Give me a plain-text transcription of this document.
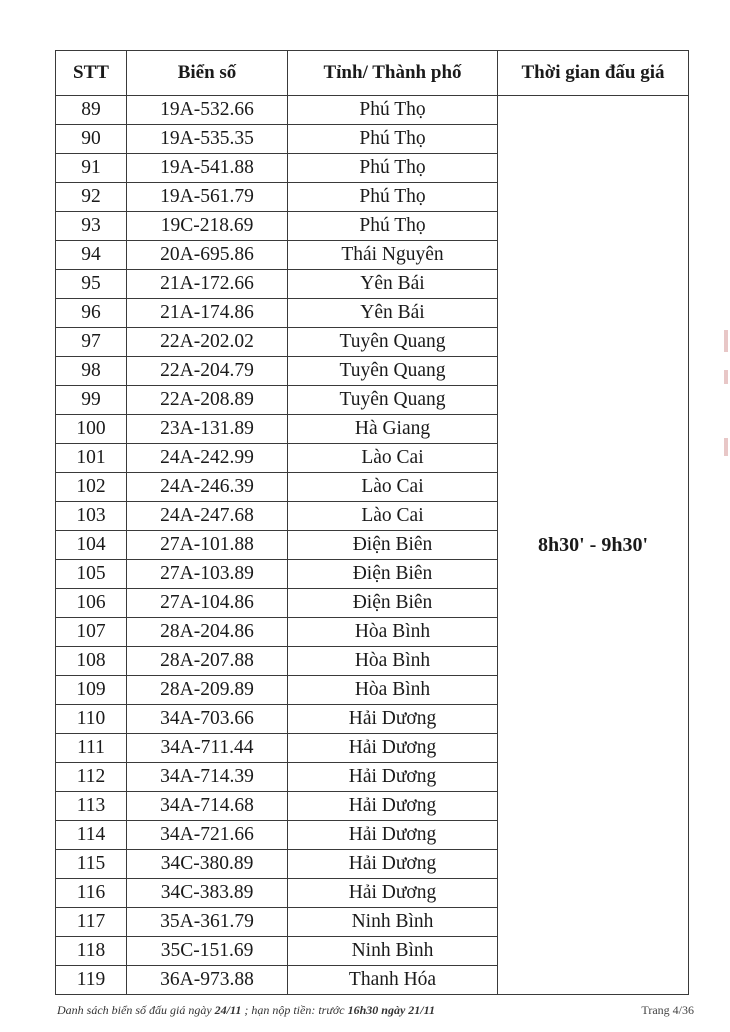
STT	Biển số	Tỉnh/ Thành phố	Thời gian đấu giá
89	19A-532.66	Phú Thọ	8h30' - 9h30'
90	19A-535.35	Phú Thọ	
91	19A-541.88	Phú Thọ	
92	19A-561.79	Phú Thọ	
93	19C-218.69	Phú Thọ	
94	20A-695.86	Thái Nguyên	
95	21A-172.66	Yên Bái	
96	21A-174.86	Yên Bái	
97	22A-202.02	Tuyên Quang	
98	22A-204.79	Tuyên Quang	
99	22A-208.89	Tuyên Quang	
100	23A-131.89	Hà Giang	
101	24A-242.99	Lào Cai	
102	24A-246.39	Lào Cai	
103	24A-247.68	Lào Cai	
104	27A-101.88	Điện Biên	
105	27A-103.89	Điện Biên	
106	27A-104.86	Điện Biên	
107	28A-204.86	Hòa Bình	
108	28A-207.88	Hòa Bình	
109	28A-209.89	Hòa Bình	
110	34A-703.66	Hải Dương	
111	34A-711.44	Hải Dương	
112	34A-714.39	Hải Dương	
113	34A-714.68	Hải Dương	
114	34A-721.66	Hải Dương	
115	34C-380.89	Hải Dương	
116	34C-383.89	Hải Dương	
117	35A-361.79	Ninh Bình	
118	35C-151.69	Ninh Bình	
119	36A-973.88	Thanh Hóa	
Danh sách biển số đấu giá ngày 24/11 ; hạn nộp tiền: trước 16h30 ngày 21/11	Trang 4/36
